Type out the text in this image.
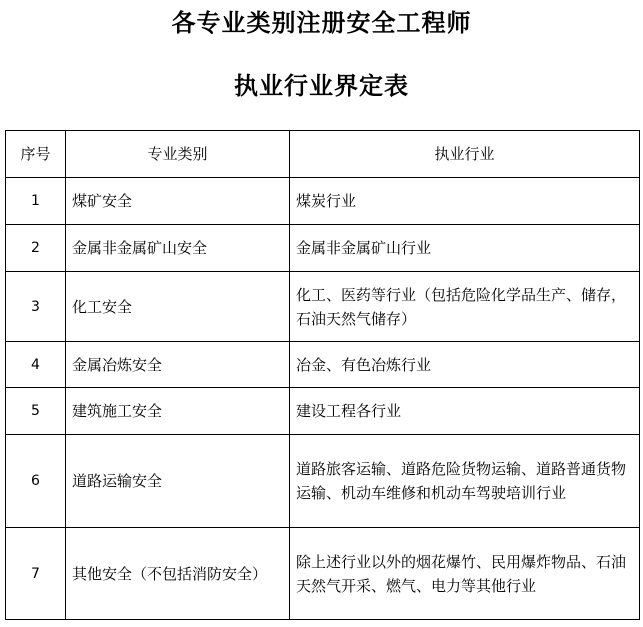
各专业类别注册安全工程师
执业行业界定表
序号	专业类别	执业行业
1	煤矿安全	煤炭行业
2	金属非金属矿山安全	金属非金属矿山行业
3	化工安全	化工、医药等行业（包括危险化学品生产、储存，石油天然气储存）
4	金属冶炼安全	冶金、有色冶炼行业
5	建筑施工安全	建设工程各行业
6	道路运输安全	道路旅客运输、道路危险货物运输、道路普通货物运输、机动车维修和机动车驾驶培训行业
7	其他安全（不包括消防安全）	除上述行业以外的烟花爆竹、民用爆炸物品、石油天然气开采、燃气、电力等其他行业
